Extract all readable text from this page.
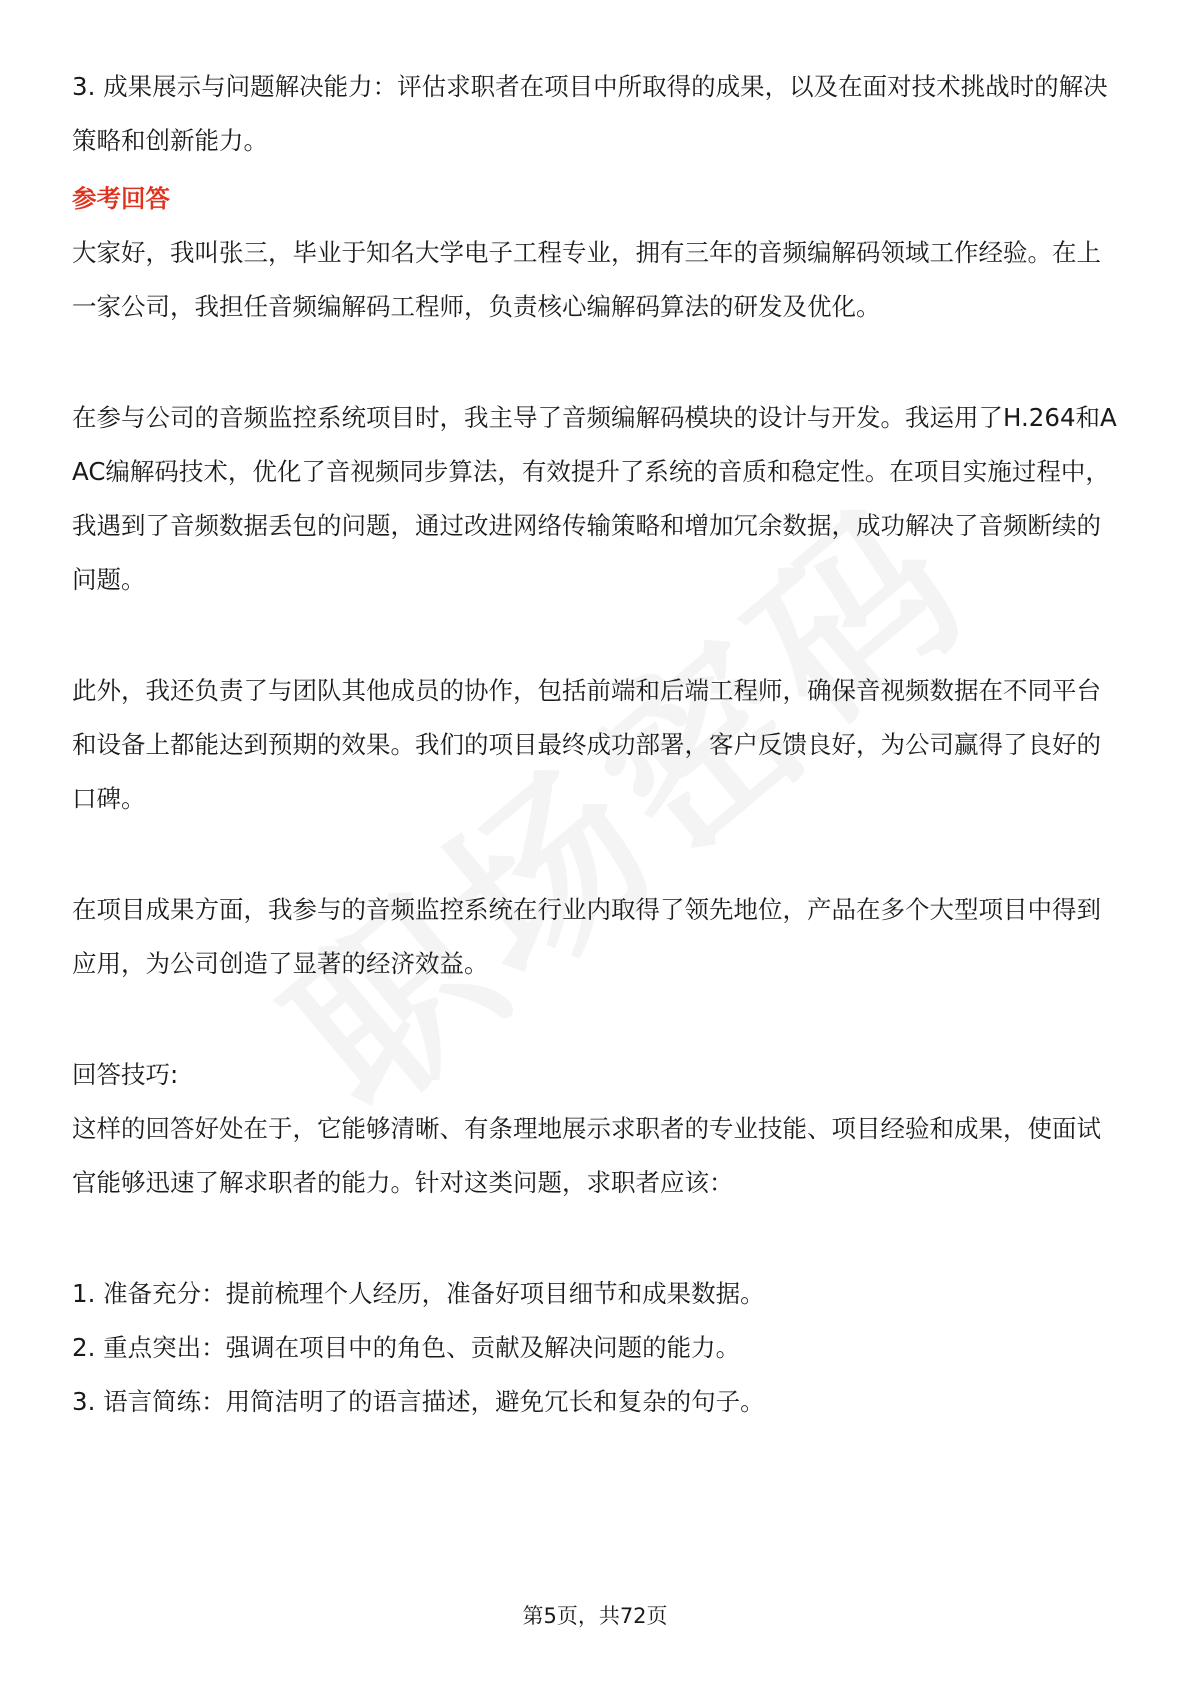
3. 成果展示与问题解决能力：评估求职者在项目中所取得的成果，以及在面对技术挑战时的解决策略和创新能力。

参考回答

大家好，我叫张三，毕业于知名大学电子工程专业，拥有三年的音频编解码领域工作经验。在上一家公司，我担任音频编解码工程师，负责核心编解码算法的研发及优化。

在参与公司的音频监控系统项目时，我主导了音频编解码模块的设计与开发。我运用了H.264和AAC编解码技术，优化了音视频同步算法，有效提升了系统的音质和稳定性。在项目实施过程中，我遇到了音频数据丢包的问题，通过改进网络传输策略和增加冗余数据，成功解决了音频断续的问题。

此外，我还负责了与团队其他成员的协作，包括前端和后端工程师，确保音视频数据在不同平台和设备上都能达到预期的效果。我们的项目最终成功部署，客户反馈良好，为公司赢得了良好的口碑。

在项目成果方面，我参与的音频监控系统在行业内取得了领先地位，产品在多个大型项目中得到应用，为公司创造了显著的经济效益。

回答技巧:

这样的回答好处在于，它能够清晰、有条理地展示求职者的专业技能、项目经验和成果，使面试官能够迅速了解求职者的能力。针对这类问题，求职者应该：

1. 准备充分：提前梳理个人经历，准备好项目细节和成果数据。

2. 重点突出：强调在项目中的角色、贡献及解决问题的能力。

3. 语言简练：用简洁明了的语言描述，避免冗长和复杂的句子。

第5页，共72页
